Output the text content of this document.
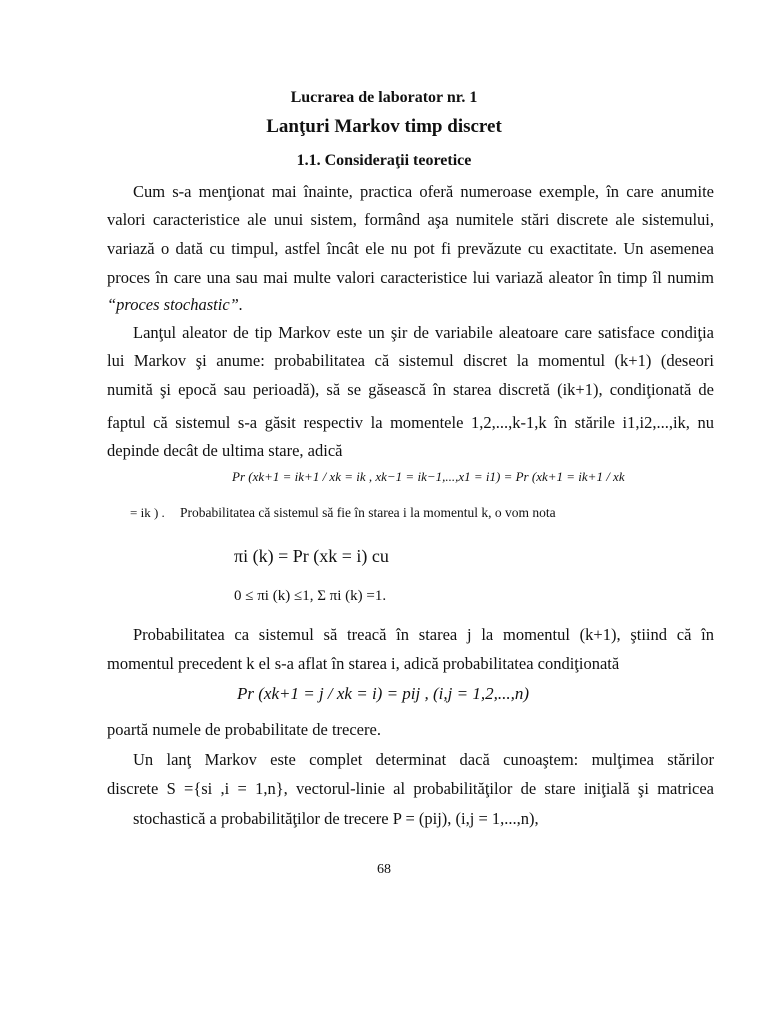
Lucrarea de laborator nr. 1
Lanţuri Markov timp discret
1.1. Consideraţii teoretice
Cum s-a menţionat mai înainte, practica oferă numeroase exemple, în care anumite
valori caracteristice ale unui sistem, formând aşa numitele stări discrete ale sistemului,
variază o dată cu timpul, astfel încât ele nu pot fi prevăzute cu exactitate. Un asemenea
proces în care una sau mai multe valori caracteristice lui variază aleator în timp îl numim
“proces stochastic”.
Lanţul aleator de tip Markov este un şir de variabile aleatoare care satisface condiţia
lui Markov şi anume: probabilitatea că sistemul discret la momentul (k+1) (deseori
numită şi epocă sau perioadă), să se găsească în starea discretă (ik+1), condiţionată de
faptul că sistemul s-a găsit respectiv la momentele 1,2,...,k-1,k în stările i1,i2,...,ik, nu
depinde decât de ultima stare, adică
Pr (xk+1 = ik+1 / xk = ik , xk−1 = ik−1,...,x1 = i1) = Pr (xk+1 = ik+1 / xk
= ik ) . Probabilitatea că sistemul să fie în starea i la momentul k, o vom nota
πi (k) = Pr (xk = i) cu
0 ≤ πi (k) ≤1, Σ πi (k) =1.
Probabilitatea ca sistemul să treacă în starea j la momentul (k+1), ştiind că în
momentul precedent k el s-a aflat în starea i, adică probabilitatea condiţionată
Pr (xk+1 = j / xk = i) = pij , (i,j = 1,2,...,n)
poartă numele de probabilitate de trecere.
Un lanţ Markov este complet determinat dacă cunoaştem: mulţimea stărilor
discrete S ={si ,i = 1,n}, vectorul-linie al probabilităţilor de stare iniţială şi matricea
stochastică a probabilităţilor de trecere P = (pij), (i,j = 1,...,n),
68
